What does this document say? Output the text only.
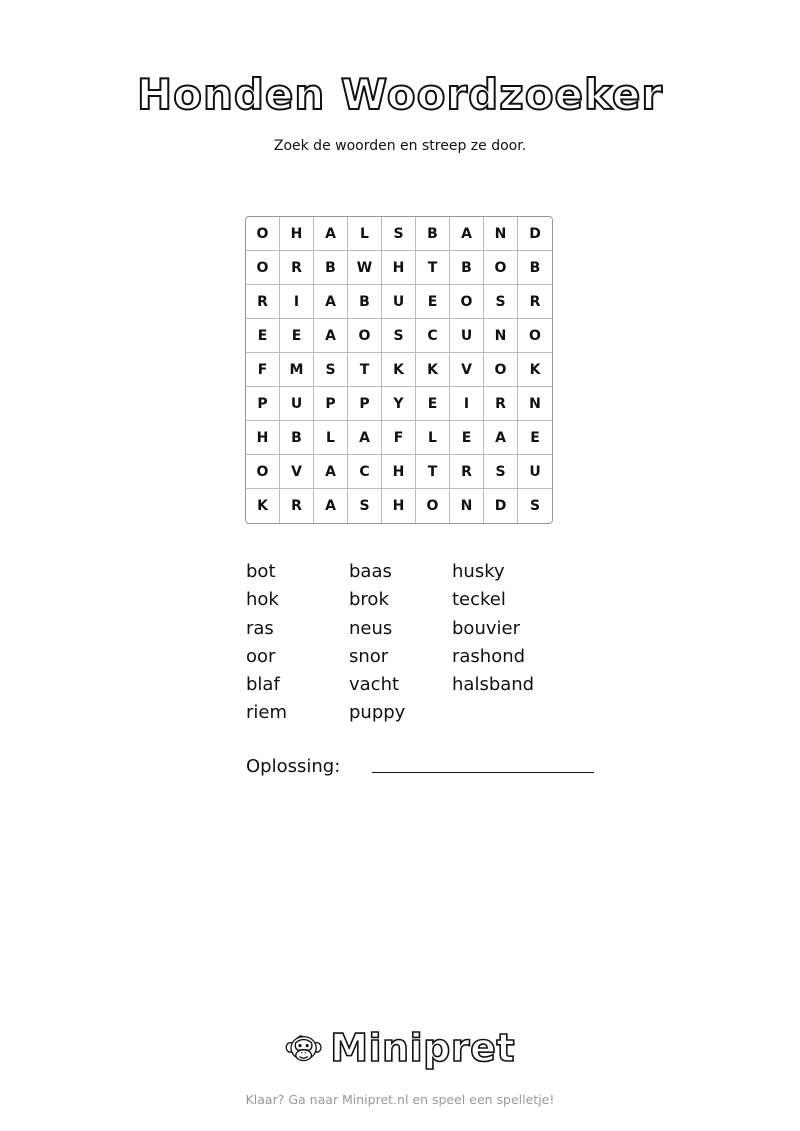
Honden Woordzoeker
Zoek de woorden en streep ze door.
O	H	A	L	S	B	A	N	D
O	R	B	W	H	T	B	O	B
R	I	A	B	U	E	O	S	R
E	E	A	O	S	C	U	N	O
F	M	S	T	K	K	V	O	K
P	U	P	P	Y	E	I	R	N
H	B	L	A	F	L	E	A	E
O	V	A	C	H	T	R	S	U
K	R	A	S	H	O	N	D	S
bot
hok
ras
oor
blaf
riem
baas
brok
neus
snor
vacht
puppy
husky
teckel
bouvier
rashond
halsband
Oplossing:
Minipret
Klaar? Ga naar Minipret.nl en speel een spelletje!
